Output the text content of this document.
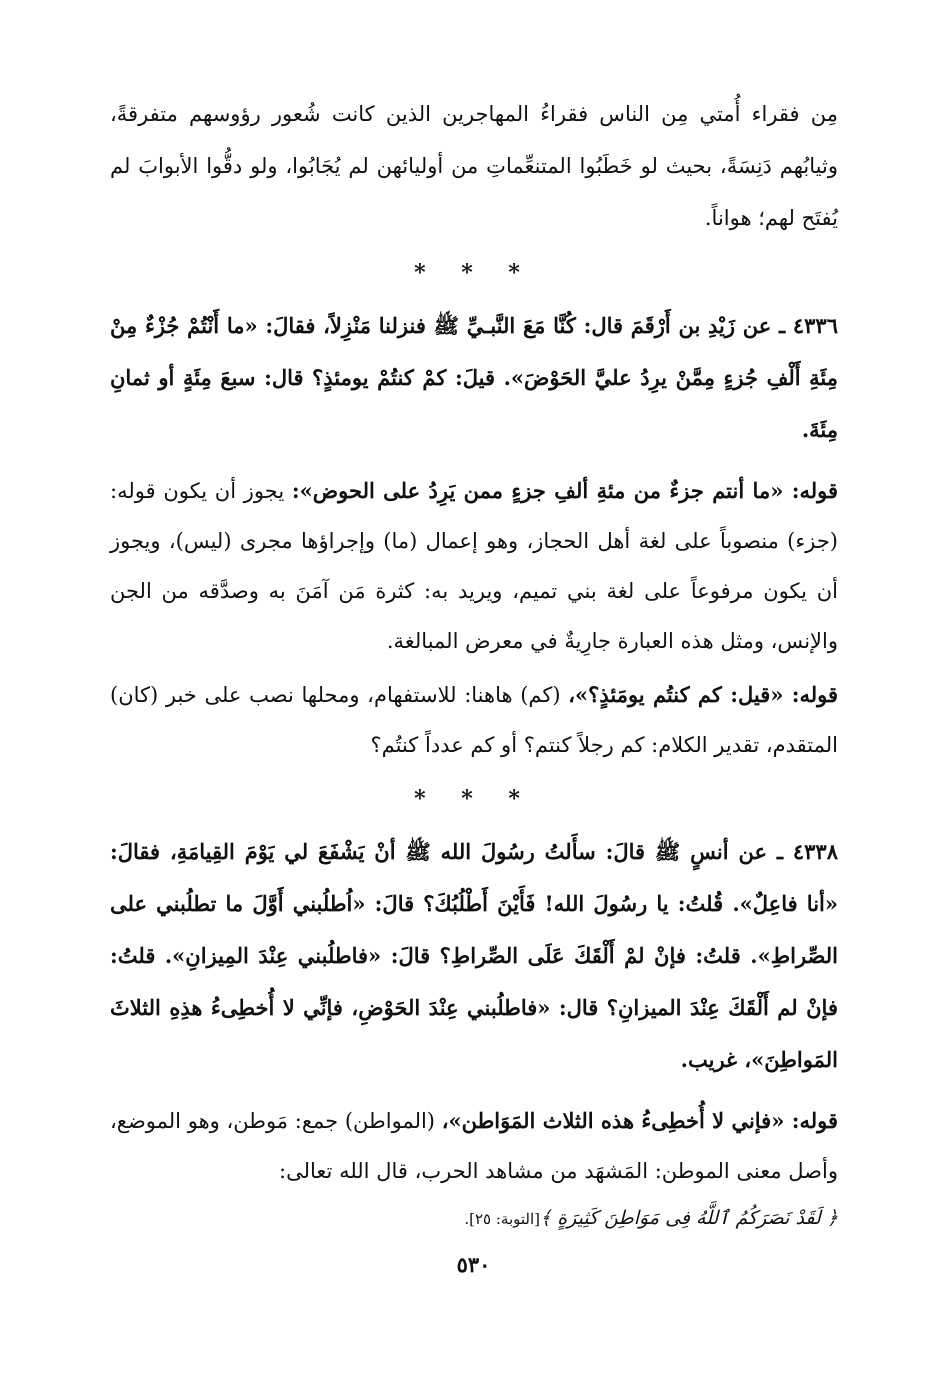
مِن فقراء أُمتي مِن الناس فقراءُ المهاجرين الذين كانت شُعور رؤوسهم متفرقةً، وثيابُهم دَنِسَةً، بحيث لو خَطَبُوا المتنعِّماتِ من أوليائهن لم يُجَابُوا، ولو دقُّوا الأبوابَ لم يُفتَح لهم؛ هواناً.

* * *

٤٣٣٦ ـ عن زَيْدِ بن أَرْقَمَ قال: كُنَّا مَعَ النَّبـيِّ ﷺ فنزلنا مَنْزِلاً، فقالَ: «ما أَنْتُمْ جُزْءٌ مِنْ مِئَةِ أَلْفِ جُزءٍ مِمَّنْ يرِدُ عليَّ الحَوْضَ». قيلَ: كمْ كنتُمْ يومئذٍ؟ قال: سبعَ مِئَةٍ أو ثمانِ مِئَةَ.

قوله: «ما أنتم جزءٌ من مئةِ ألفِ جزءٍ ممن يَرِدُ على الحوض»: يجوز أن يكون قوله: (جزء) منصوباً على لغة أهل الحجاز، وهو إعمال (ما) وإجراؤها مجرى (ليس)، ويجوز أن يكون مرفوعاً على لغة بني تميم، ويريد به: كثرة مَن آمَنَ به وصدَّقه من الجن والإنس، ومثل هذه العبارة جارِيةٌ في معرض المبالغة.

قوله: «قيل: كم كنتُم يومَئذٍ؟»، (كم) هاهنا: للاستفهام، ومحلها نصب على خبر (كان) المتقدم، تقدير الكلام: كم رجلاً كنتم؟ أو كم عدداً كنتُم؟

* * *

٤٣٣٨ ـ عن أنسٍ ﷺ قالَ: سأَلتُ رسُولَ الله ﷺ أنْ يَشْفَعَ لي يَوْمَ القِيامَةِ، فقالَ: «أنا فاعِلٌ». قُلتُ: يا رسُولَ الله! فَأَيْنَ أَطْلُبُكَ؟ قالَ: «اُطلُبني أَوَّلَ ما تطلُبني على الصِّراطِ». قلتُ: فإنْ لمْ أَلْقَكَ عَلَى الصِّراطِ؟ قالَ: «فاطلُبني عِنْدَ المِيزانِ». قلتُ: فإنْ لم أَلْقَكَ عِنْدَ الميزانِ؟ قال: «فاطلُبني عِنْدَ الحَوْضِ، فإنِّي لا أُخطِىءُ هذِهِ الثلاثَ المَواطِنَ»، غريب.

قوله: «فإني لا أُخطِىءُ هذه الثلاث المَوَاطن»، (المواطن) جمع: مَوطن، وهو الموضع، وأصل معنى الموطن: المَشهَد من مشاهد الحرب، قال الله تعالى:

﴿ لَقَدْ نَصَرَكُمُ ٱللَّهُ فِى مَوَاطِنَ كَثِيرَةٍ ﴾[التوبة: ٢٥].

٥٣٠
